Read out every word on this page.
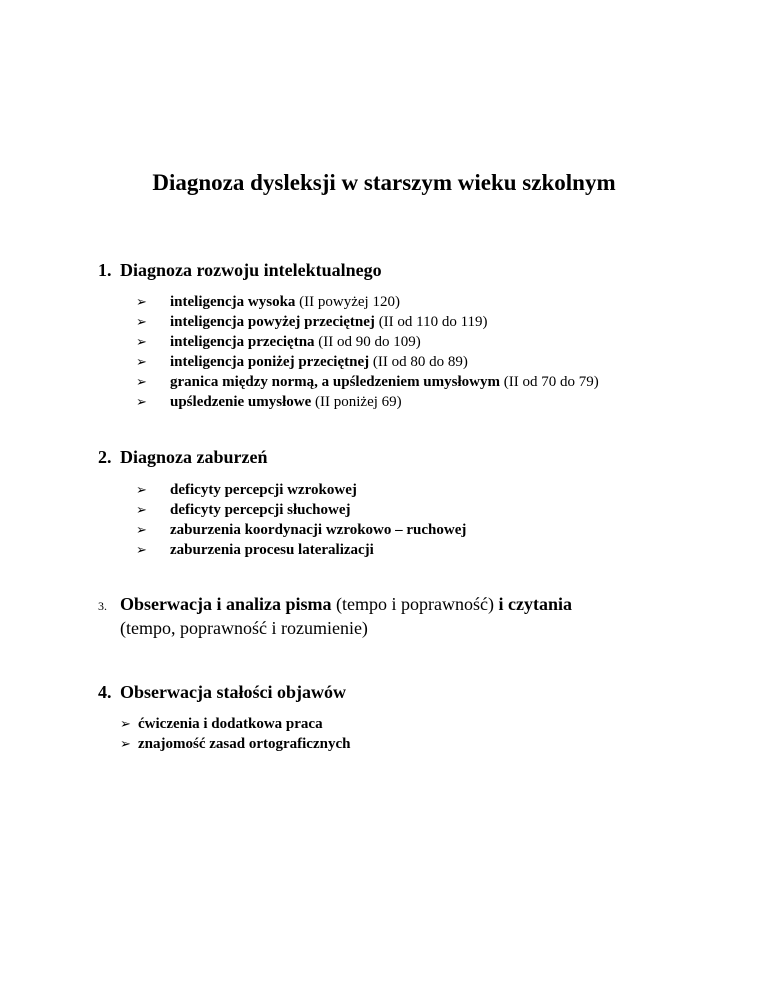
Diagnoza dysleksji w starszym wieku szkolnym
1. Diagnoza rozwoju intelektualnego
➢	inteligencja wysoka
(II powyżej 120)
➢	inteligencja powyżej przeciętnej
(II od 110 do 119)
➢	inteligencja przeciętna
(II od 90 do 109)
➢	inteligencja poniżej przeciętnej
(II od 80 do 89)
➢	granica między normą, a upśledzeniem umysłowym
(II od 70 do 79)
➢	upśledzenie umysłowe
(II poniżej 69)
2. Diagnoza zaburzeń
➢	deficyty percepcji wzrokowej
➢	deficyty percepcji słuchowej
➢	zaburzenia koordynacji wzrokowo – ruchowej
➢	zaburzenia procesu lateralizacji
3. Obserwacja i analiza pisma (tempo i poprawność) i czytania
(tempo, poprawność i rozumienie)
4. Obserwacja stałości objawów
➢ ćwiczenia i dodatkowa praca
➢ znajomość zasad ortograficznych
